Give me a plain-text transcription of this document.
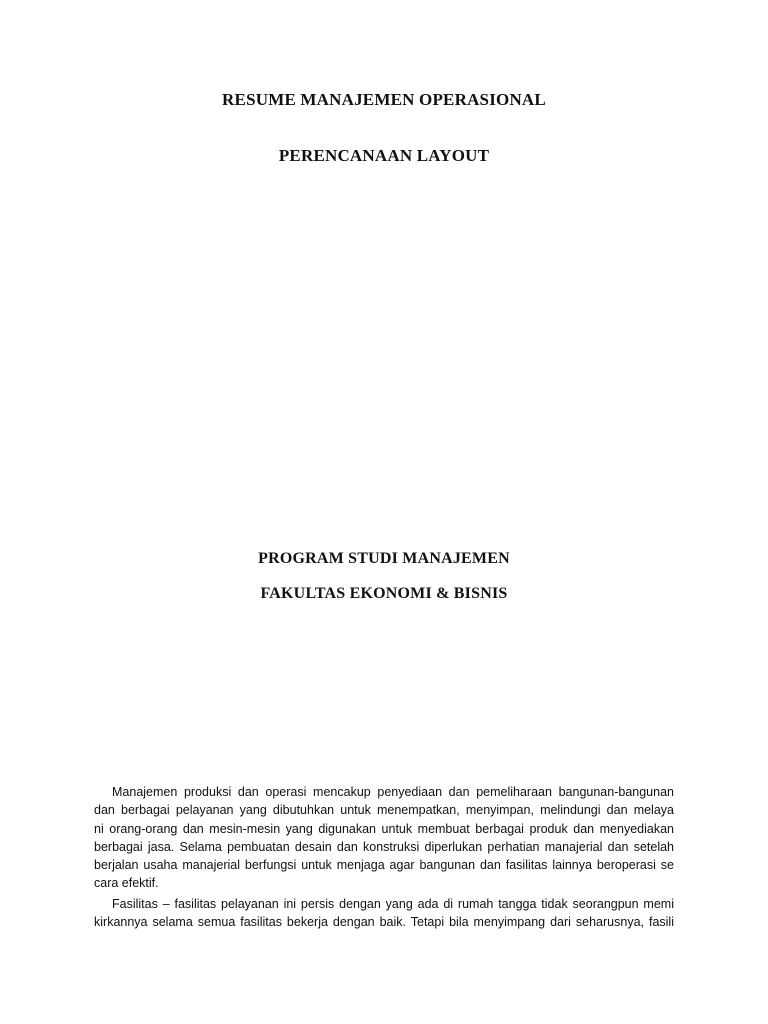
RESUME MANAJEMEN OPERASIONAL
PERENCANAAN LAYOUT
PROGRAM STUDI MANAJEMEN
FAKULTAS EKONOMI & BISNIS
Manajemen produksi dan operasi mencakup penyediaan dan pemeliharaan bangunan-bangunan
dan berbagai pelayanan yang dibutuhkan untuk menempatkan, menyimpan, melindungi dan melaya
ni orang-orang dan mesin-mesin yang digunakan untuk membuat berbagai produk dan menyediakan
berbagai jasa. Selama pembuatan desain dan konstruksi diperlukan perhatian manajerial dan setelah
berjalan usaha manajerial berfungsi untuk menjaga agar bangunan dan fasilitas lainnya beroperasi se
cara efektif.
Fasilitas – fasilitas pelayanan ini persis dengan yang ada di rumah tangga tidak seorangpun memi
kirkannya selama semua fasilitas bekerja dengan baik. Tetapi bila menyimpang dari seharusnya, fasili
